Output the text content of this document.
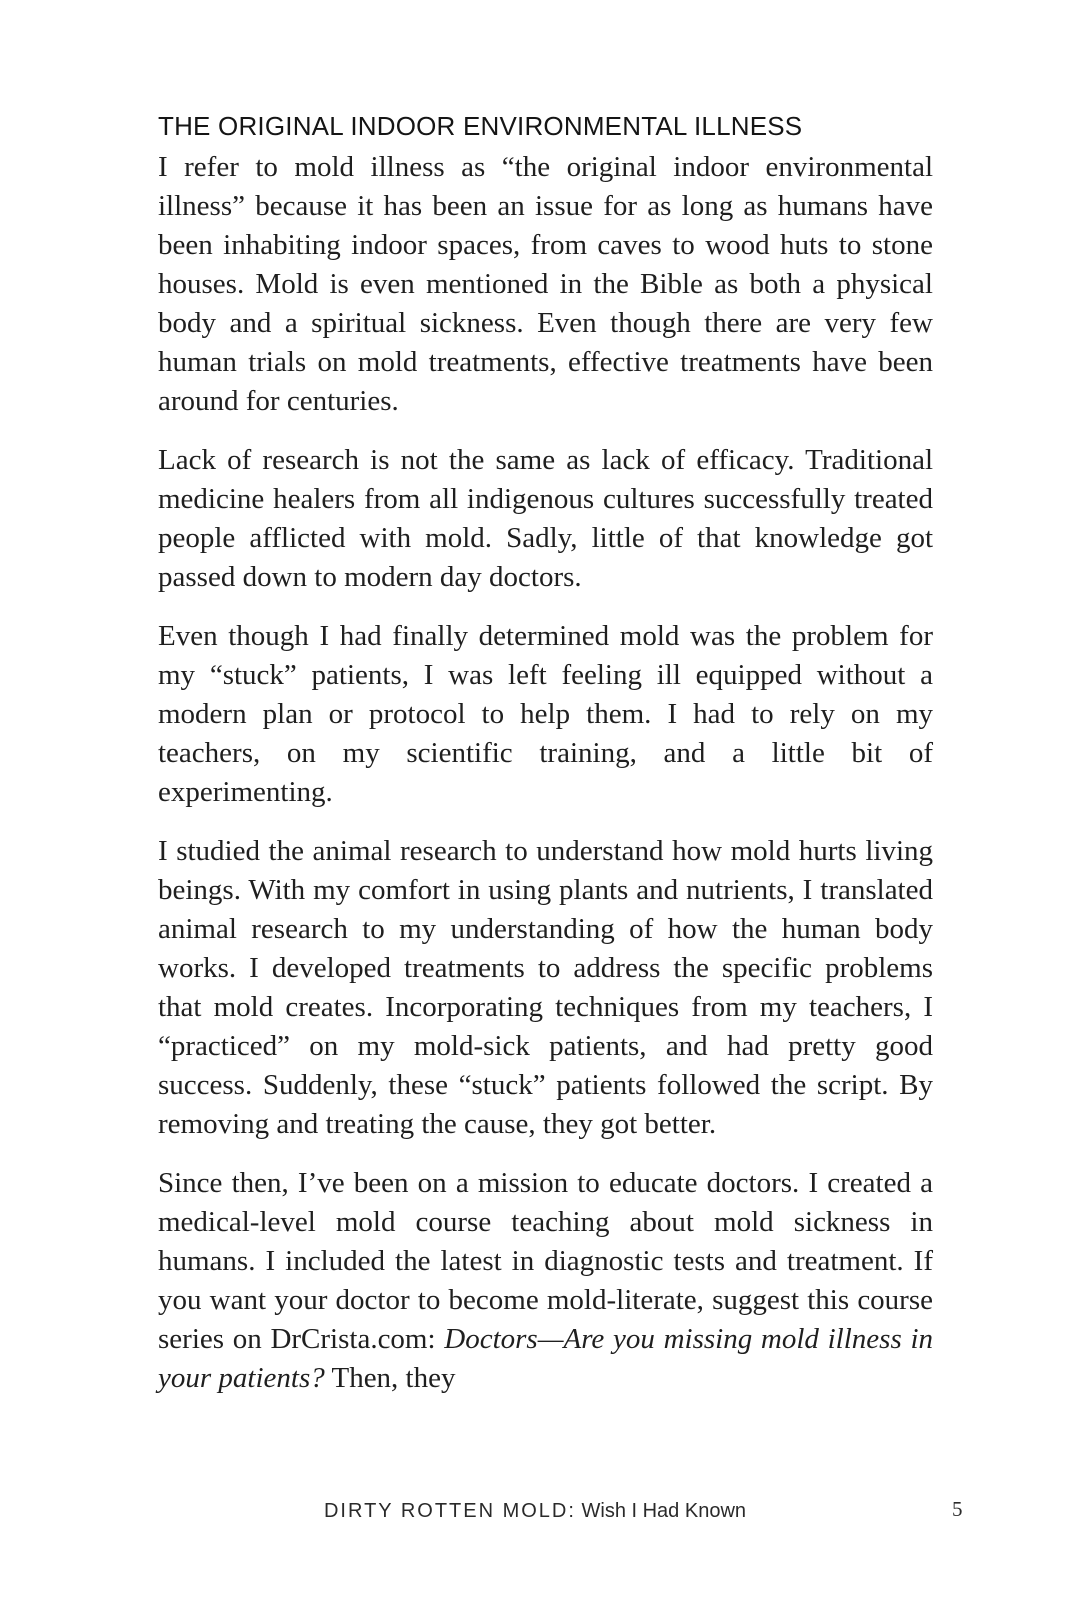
THE ORIGINAL INDOOR ENVIRONMENTAL ILLNESS

I refer to mold illness as “the original indoor environmental illness” because it has been an issue for as long as humans have been inhabiting indoor spaces, from caves to wood huts to stone houses. Mold is even mentioned in the Bible as both a physical body and a spiritual sickness. Even though there are very few human trials on mold treatments, effective treatments have been around for centuries.

Lack of research is not the same as lack of efficacy. Traditional medicine healers from all indigenous cultures successfully treated people afflicted with mold. Sadly, little of that knowledge got passed down to modern day doctors.

Even though I had finally determined mold was the problem for my “stuck” patients, I was left feeling ill equipped without a modern plan or protocol to help them. I had to rely on my teachers, on my scientific training, and a little bit of experimenting.

I studied the animal research to understand how mold hurts living beings. With my comfort in using plants and nutrients, I translated animal research to my understanding of how the human body works. I developed treatments to address the specific problems that mold creates. Incorporating techniques from my teachers, I “practiced” on my mold-sick patients, and had pretty good success. Suddenly, these “stuck” patients followed the script. By removing and treating the cause, they got better.

Since then, I’ve been on a mission to educate doctors. I created a medical-level mold course teaching about mold sickness in humans. I included the latest in diagnostic tests and treatment. If you want your doctor to become mold-literate, suggest this course series on DrCrista.com: Doctors—Are you missing mold illness in your patients? Then, they

DIRTY ROTTEN MOLD: Wish I Had Known	5
